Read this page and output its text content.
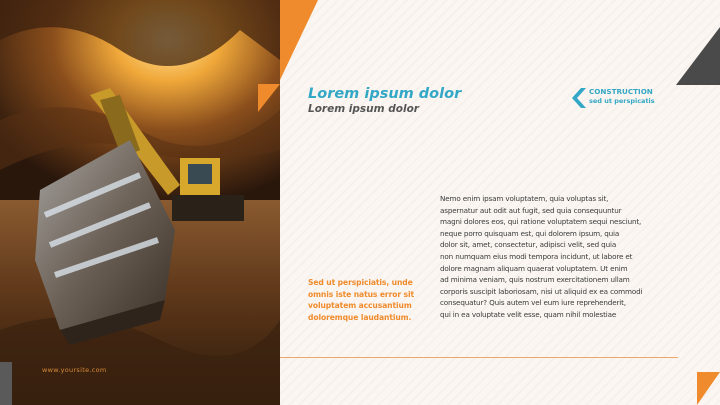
www.yoursite.com
Lorem ipsum dolor
Lorem ipsum dolor
CONSTRUCTION
sed ut perspicatis
Sed ut perspiciatis, unde omnis iste natus error sit voluptatem accusantium doloremque laudantium.
Nemo enim ipsam voluptatem, quia voluptas sit,
aspernatur aut odit aut fugit, sed quia consequuntur
magni dolores eos, qui ratione voluptatem sequi nesciunt,
neque porro quisquam est, qui dolorem ipsum, quia
dolor sit, amet, consectetur, adipisci velit, sed quia
non numquam eius modi tempora incidunt, ut labore et
dolore magnam aliquam quaerat voluptatem. Ut enim
ad minima veniam, quis nostrum exercitationem ullam
corporis suscipit laboriosam, nisi ut aliquid ex ea commodi
consequatur? Quis autem vel eum iure reprehenderit,
qui in ea voluptate velit esse, quam nihil molestiae
